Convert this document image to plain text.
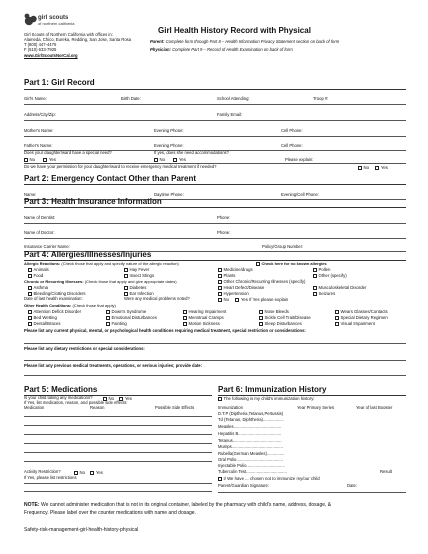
girl scouts
of northern california
Girl Scouts of Northern California with offices in:
Alameda, Chico, Eureka, Redding, San Jose, Santa Rosa
T (800) 447-4475
F (510) 633-7925
www.GirlScoutsNorCal.org
Girl Health History Record with Physical
Parent: Complete form through Part 8 – Health Information Privacy Statement section on back of form
Physician: Complete Part 9 – Record of Health Examination on back of form
Part 1: Girl Record
Girl's Name:	Birth Date:	School Attending:	Troop #:
Address/City/Zip:	Family Email:
Mother's Name:	Evening Phone:	Cell Phone:
Father's Name:	Evening Phone:	Cell Phone:
Does your daughter/ward have a special need?	If yes, does she need accommodations?
No	Yes	No	Yes	Please explain:
Do we have your permission for your daughter/ward to receive emergency medical treatment if needed?	No	Yes
Part 2: Emergency Contact Other than Parent
Name:	Daytime Phone:	Evening/Cell Phone:
Part 3: Health Insurance Information
Name of Dentist:	Phone:
Name of Doctor:	Phone:
Insurance Carrier Name:	Policy/Group Number:
Part 4: Allergies/Illnesses/Injuries
Allergic Reactions: (Check those that apply and specify nature of the allergic reaction)	Check here for no known allergies
Animals
Food
Hay Fever
Insect Stings
Medicine/drugs
Plants
Pollen
Other (specify)
Chronic or Recurring Illnesses: (Check those that apply and give appropriate dates)	Other Chronic/Recurring Illnesses (specify)
Asthma
Bleeding/Clotting Disorders
Diabetes
Ear Infection
Heart Defect/Disease
Hypertension
Musculoskeletal Disorder
Seizures
Date of last health examination:	Were any medical problems noted?	No	Yes If Yes please explain
Other Health Conditions: (Check those that apply)
Attention Deficit Disorder
Bed Wetting
Dental/Braces
Down's Syndrome
Emotional Disturbances
Fainting
Hearing Impairment
Menstrual Cramps
Motion Sickness
Nose Bleeds
Sickle Cell Trait/Disease
Sleep Disturbances
Wears Glasses/Contacts
Special Dietary Regimen
Visual Impairment
Please list any current physical, mental, or psychological health conditions requiring medical treatment, special restriction or considerations:
Please list any dietary restrictions or special considerations:
Please list any previous medical treatments, operations, or serious injuries; provide date:
Part 5: Medications
Is your child taking any medications?	No	Yes
If Yes, list medication, reason, and possible side effects:
Medication	Reason	Possible Side Effects
Activity Restriction?	No	Yes
If Yes, please list restrictions
Part 6: Immunization History
The following is my child's immunization history:
Immunization	Year Primary Series	Year of last Booster
D.T.P (Diptheria,Tetanus,Pertussis)
Td (Tetanus, Diphtheria)..................
Measles.........................................
Hepatitis B.....................................
Tetanus..........................................
Mumps............................................
Rubella(German Measles)...............
Oral Polio........................................
Injectable Polio.................................
Tuberculin Test...................................	Result
I/ We have ... chosen not to immunize my/our child
Parent/Guardian Signature:	Date:
NOTE: We cannot administer medication that is not in its original container, labeled by the pharmacy with child's name, address, dosage, &
Frequency. Please label over the counter medications with name and dosage.
Safety-risk-management-girl-health-history-physical
